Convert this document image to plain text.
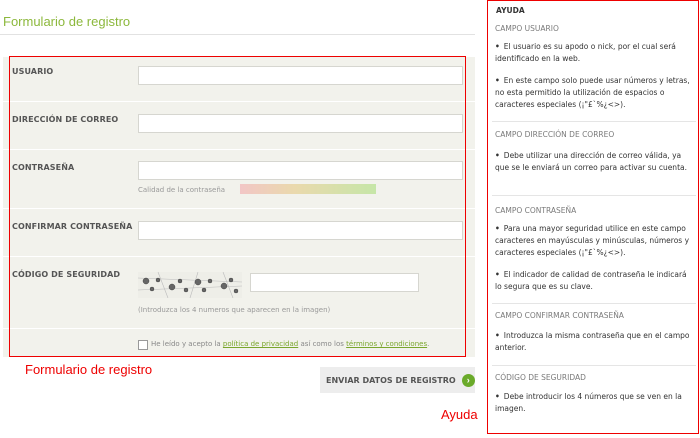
Formulario de registro
USUARIO
DIRECCIÓN DE CORREO
CONTRASEÑA
Calidad de la contraseña
CONFIRMAR CONTRASEÑA
CÓDIGO DE SEGURIDAD
(Introduzca los 4 numeros que aparecen en la imagen)
He leído y acepto la política de privacidad así como los términos y condiciones.
Formulario de registro
ENVIAR DATOS DE REGISTRO	›
Ayuda
AYUDA
CAMPO USUARIO
• El usuario es su apodo o nick, por el cual será identificado en la web.
• En este campo solo puede usar números y letras, no esta permitido la utilización de espacios o caracteres especiales (¡"£`%¿<>).
CAMPO DIRECCIÓN DE CORREO
• Debe utilizar una dirección de correo válida, ya que se le enviará un correo para activar su cuenta.
CAMPO CONTRASEÑA
• Para una mayor seguridad utilice en este campo caracteres en mayúsculas y minúsculas, números y caracteres especiales (¡"£`%¿<>).
• El indicador de calidad de contraseña le indicará lo segura que es su clave.
CAMPO CONFIRMAR CONTRASEÑA
• Introduzca la misma contraseña que en el campo anterior.
CÓDIGO DE SEGURIDAD
• Debe introducir los 4 números que se ven en la imagen.
